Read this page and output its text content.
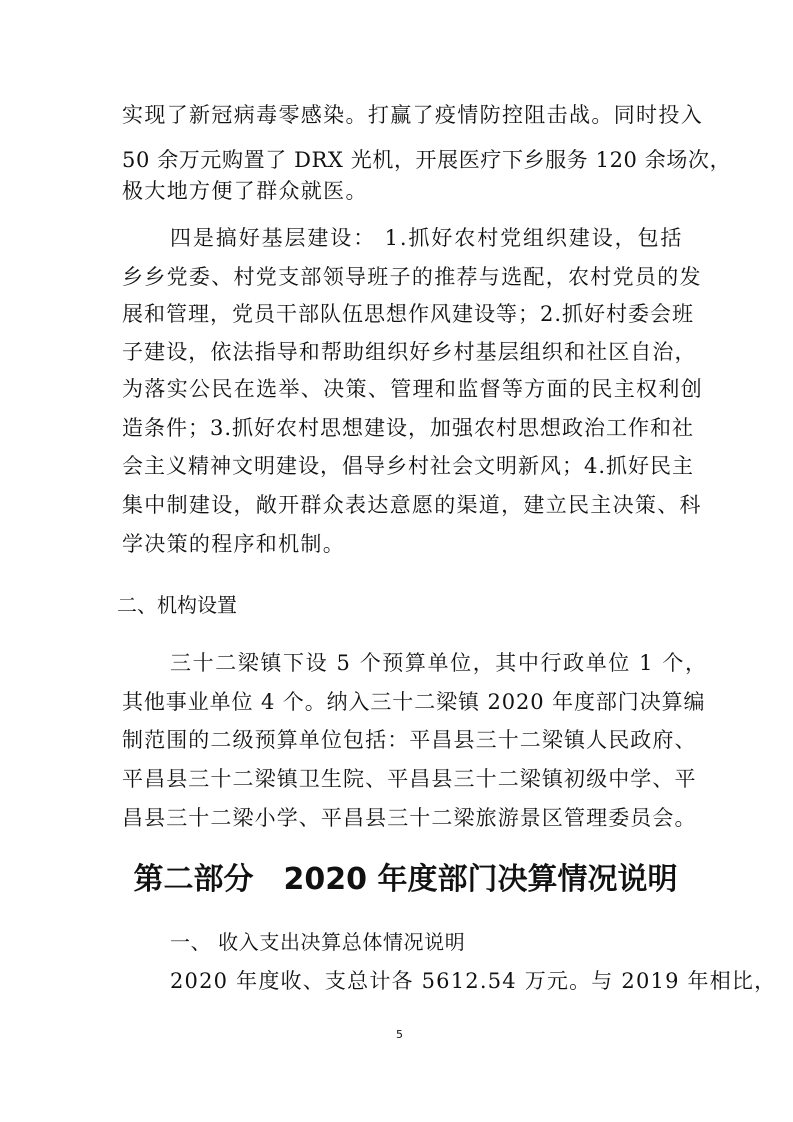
实现了新冠病毒零感染。打赢了疫情防控阻击战。同时投入

50 余万元购置了 DRX 光机，开展医疗下乡服务 120 余场次，

极大地方便了群众就医。

四是搞好基层建设： 1.抓好农村党组织建设，包括

乡乡党委、村党支部领导班子的推荐与选配，农村党员的发

展和管理，党员干部队伍思想作风建设等；2.抓好村委会班

子建设，依法指导和帮助组织好乡村基层组织和社区自治，

为落实公民在选举、决策、管理和监督等方面的民主权利创

造条件；3.抓好农村思想建设，加强农村思想政治工作和社

会主义精神文明建设，倡导乡村社会文明新风；4.抓好民主

集中制建设，敞开群众表达意愿的渠道，建立民主决策、科

学决策的程序和机制。

二、机构设置

三十二梁镇下设 5 个预算单位，其中行政单位 1 个，

其他事业单位 4 个。纳入三十二梁镇 2020 年度部门决算编

制范围的二级预算单位包括：平昌县三十二梁镇人民政府、

平昌县三十二梁镇卫生院、平昌县三十二梁镇初级中学、平

昌县三十二梁小学、平昌县三十二梁旅游景区管理委员会。

第二部分　2020 年度部门决算情况说明

一、 收入支出决算总体情况说明

2020 年度收、支总计各 5612.54 万元。与 2019 年相比，

5
